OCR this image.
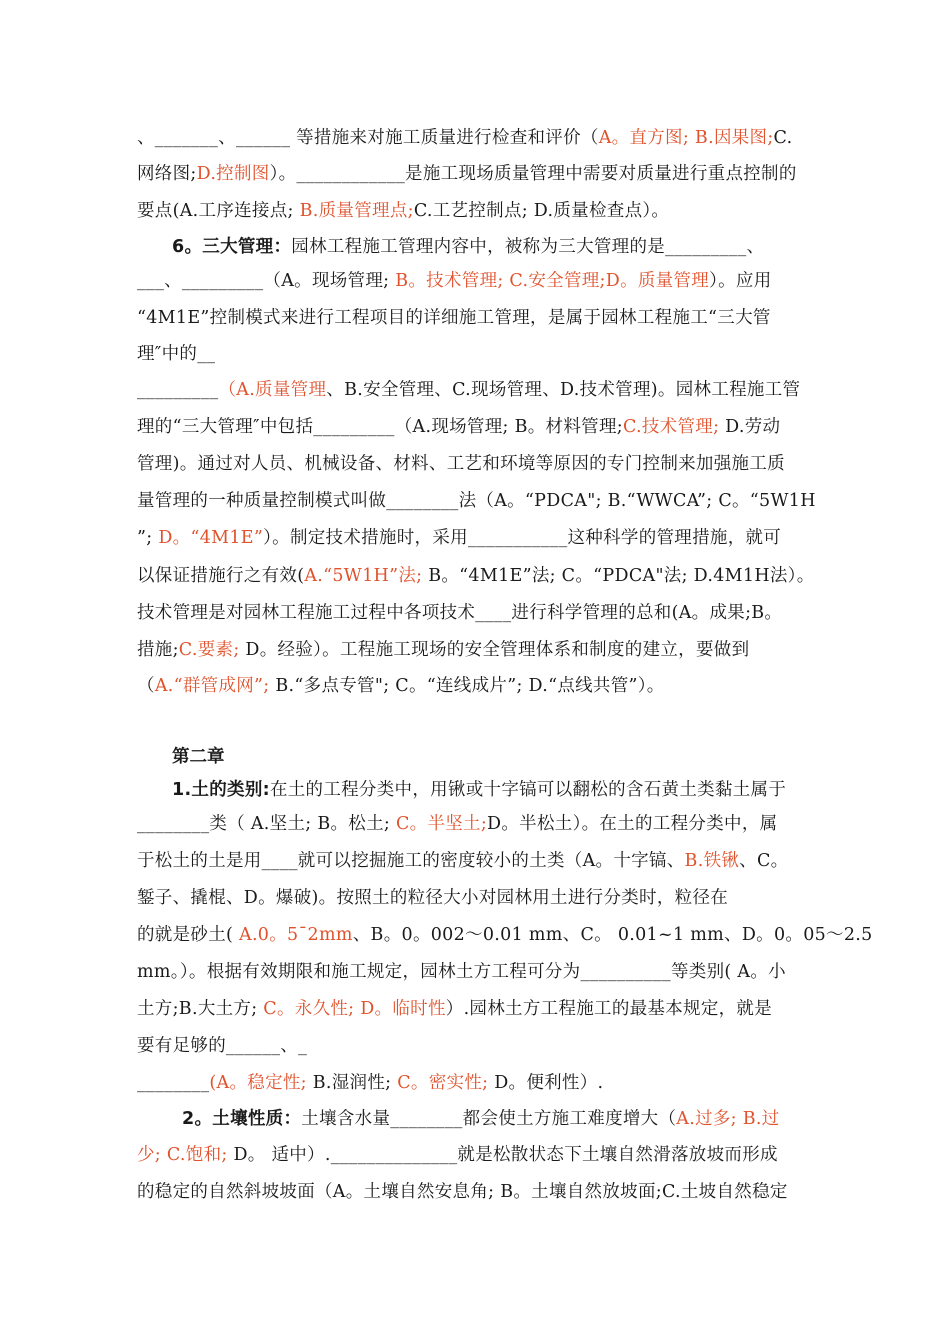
第二章
、_______、______ 等措施来对施工质量进行检查和评价（A。直方图; B.因果图;C.
网络图;D.控制图）。____________是施工现场质量管理中需要对质量进行重点控制的
要点(A.工序连接点; B.质量管理点;C.工艺控制点; D.质量检查点）。
6。三大管理：园林工程施工管理内容中，被称为三大管理的是_________、
___、_________（A。现场管理; B。技术管理; C.安全管理;D。质量管理）。应用
“4M1E”控制模式来进行工程项目的详细施工管理，是属于园林工程施工“三大管
理″中的__
_________（A.质量管理、B.安全管理、C.现场管理、D.技术管理)。园林工程施工管
理的“三大管理″中包括_________（A.现场管理; B。材料管理;C.技术管理; D.劳动
管理)。通过对人员、机械设备、材料、工艺和环境等原因的专门控制来加强施工质
量管理的一种质量控制模式叫做________法（A。“PDCA"; B.“WWCA”; C。“5W1H
”; D。“4M1E”）。制定技术措施时，采用___________这种科学的管理措施，就可
以保证措施行之有效(A.“5W1H”法; B。“4M1E”法; C。“PDCA"法; D.4M1H法）。
技术管理是对园林工程施工过程中各项技术____进行科学管理的总和(A。成果;B。
措施;C.要素; D。经验）。工程施工现场的安全管理体系和制度的建立，要做到
（A.“群管成网”; B.“多点专管"; C。“连线成片”; D.“点线共管”）。
1.土的类别:在土的工程分类中，用锹或十字镐可以翻松的含石黄土类黏土属于
________类（ A.坚土; B。松土; C。半坚土;D。半松土）。在土的工程分类中，属
于松土的土是用____就可以挖掘施工的密度较小的土类（A。十字镐、B.铁锹、C。
錾子、撬棍、D。爆破)。按照土的粒径大小对园林用土进行分类时，粒径在
的就是砂土( A.0。5¯2mm、B。0。002～0.01 mm、C。 0.01~1 mm、D。0。05～2.5
mm。）。根据有效期限和施工规定，园林土方工程可分为__________等类别( A。小
土方;B.大土方; C。永久性; D。临时性）.园林土方工程施工的最基本规定，就是
要有足够的______、_
________(A。稳定性; B.湿润性; C。密实性; D。便利性）.
2。土壤性质：土壤含水量________都会使土方施工难度增大（A.过多; B.过
少; C.饱和; D。 适中）.______________就是松散状态下土壤自然滑落放坡而形成
的稳定的自然斜坡坡面（A。土壤自然安息角; B。土壤自然放坡面;C.土坡自然稳定
